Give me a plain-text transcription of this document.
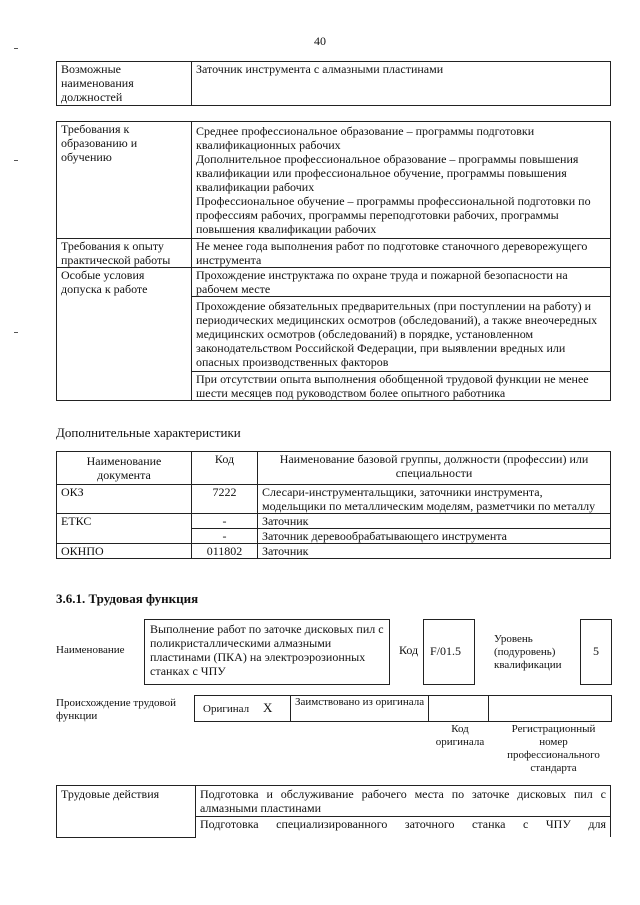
40
Возможные наименования должностей	Заточник инструмента с алмазными пластинами
Требования к образованию и обучению	Среднее профессиональное образование – программы подготовки квалификационных рабочих
Дополнительное профессиональное образование – программы повышения квалификации или профессиональное обучение, программы повышения квалификации рабочих
Профессиональное обучение – программы профессиональной подготовки по профессиям рабочих, программы переподготовки рабочих, программы повышения квалификации рабочих

Требования к опыту практической работы	Не менее года выполнения работ по подготовке станочного дереворежущего инструмента
Особые условия допуска к работе	Прохождение инструктажа по охране труда и пожарной безопасности на рабочем месте
	Прохождение обязательных предварительных (при поступлении на работу) и периодических медицинских осмотров (обследований), а также внеочередных медицинских осмотров (обследований) в порядке, установленном законодательством Российской Федерации, при выявлении вредных или опасных производственных факторов
	При отсутствии опыта выполнения обобщенной трудовой функции не менее шести месяцев под руководством более опытного работника
Дополнительные характеристики
Наименование документа	Код	Наименование базовой группы, должности (профессии) или специальности
ОКЗ	7222	Слесари-инструментальщики, заточники инструмента, модельщики по металлическим моделям, разметчики по металлу
ЕТКС	-	Заточник
	-	Заточник деревообрабатывающего инструмента
ОКНПО	011802	Заточник
3.6.1. Трудовая функция
Наименование
Выполнение работ по заточке дисковых пил с поликристаллическими алмазными пластинами (ПКА) на электроэрозионных станках с ЧПУ
Код F/01.5
Уровень (подуровень) квалификации
5
Происхождение трудовой функции
Оригинал X Заимствовано из оригинала
Код оригинала
Регистрационный номер профессионального стандарта
Трудовые действия	Подготовка и обслуживание рабочего места по заточке дисковых пил с алмазными пластинами
Подготовка специализированного заточного станка с ЧПУ для
